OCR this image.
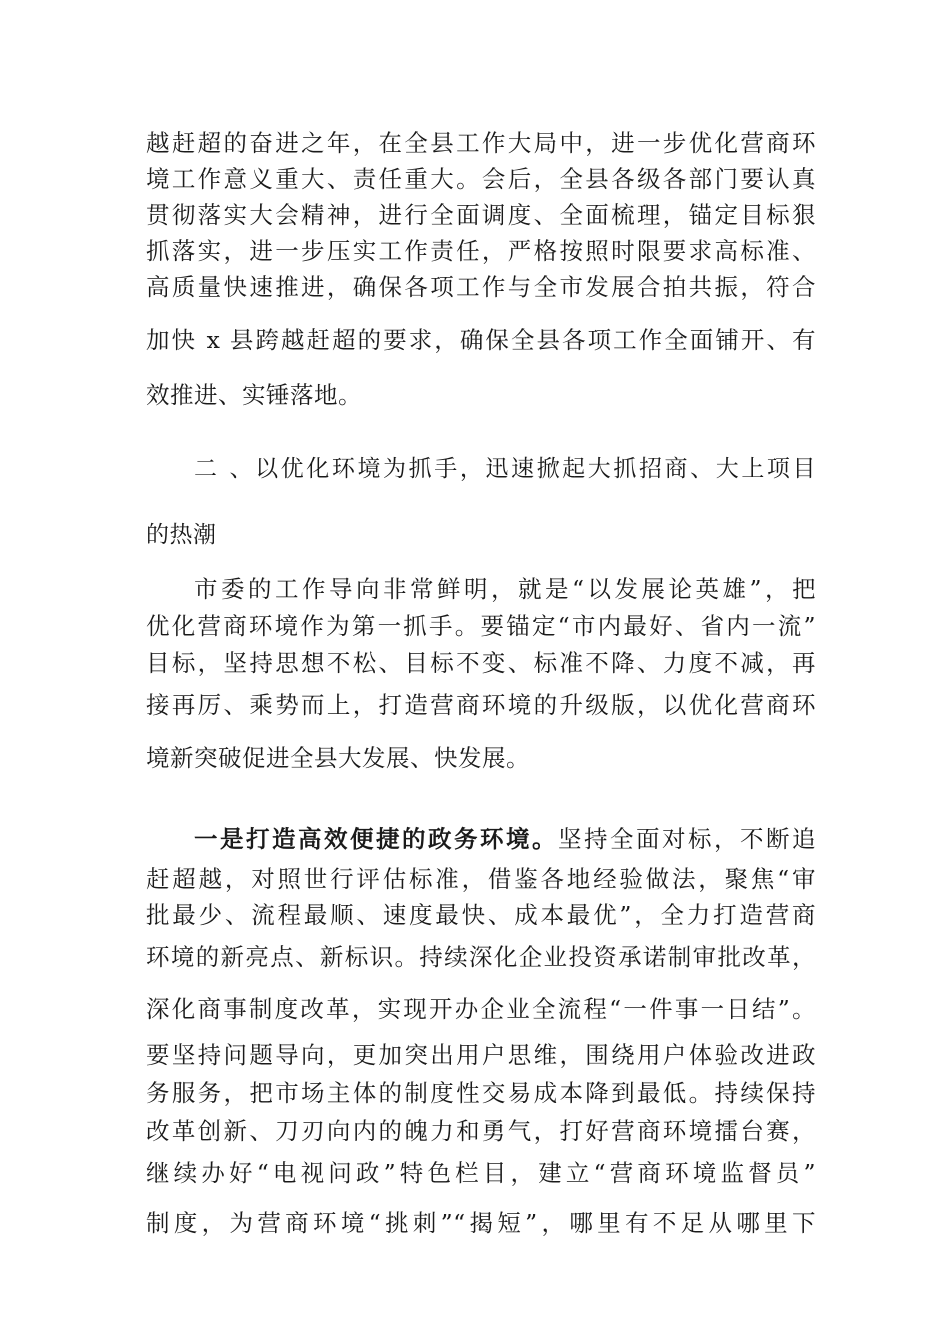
越赶超的奋进之年，在全县工作大局中，进一步优化营商环
境工作意义重大、责任重大。会后，全县各级各部门要认真
贯彻落实大会精神，进行全面调度、全面梳理，锚定目标狠
抓落实，进一步压实工作责任，严格按照时限要求高标准、
高质量快速推进，确保各项工作与全市发展合拍共振，符合
加快 x 县跨越赶超的要求，确保全县各项工作全面铺开、有
效推进、实锤落地。
二 、以优化环境为抓手，迅速掀起大抓招商、大上项目
的热潮
市委的工作导向非常鲜明，就是“以发展论英雄”，把
优化营商环境作为第一抓手。要锚定“市内最好、省内一流”
目标，坚持思想不松、目标不变、标准不降、力度不减，再
接再厉、乘势而上，打造营商环境的升级版，以优化营商环
境新突破促进全县大发展、快发展。
一是打造高效便捷的政务环境。坚持全面对标，不断追
赶超越，对照世行评估标准，借鉴各地经验做法，聚焦“审
批最少、流程最顺、速度最快、成本最优”，全力打造营商
环境的新亮点、新标识。持续深化企业投资承诺制审批改革，
深化商事制度改革，实现开办企业全流程“一件事一日结”。
要坚持问题导向，更加突出用户思维，围绕用户体验改进政
务服务，把市场主体的制度性交易成本降到最低。持续保持
改革创新、刀刃向内的魄力和勇气，打好营商环境擂台赛，
继续办好“电视问政”特色栏目，建立“营商环境监督员”
制度，为营商环境“挑刺”“揭短”，哪里有不足从哪里下
